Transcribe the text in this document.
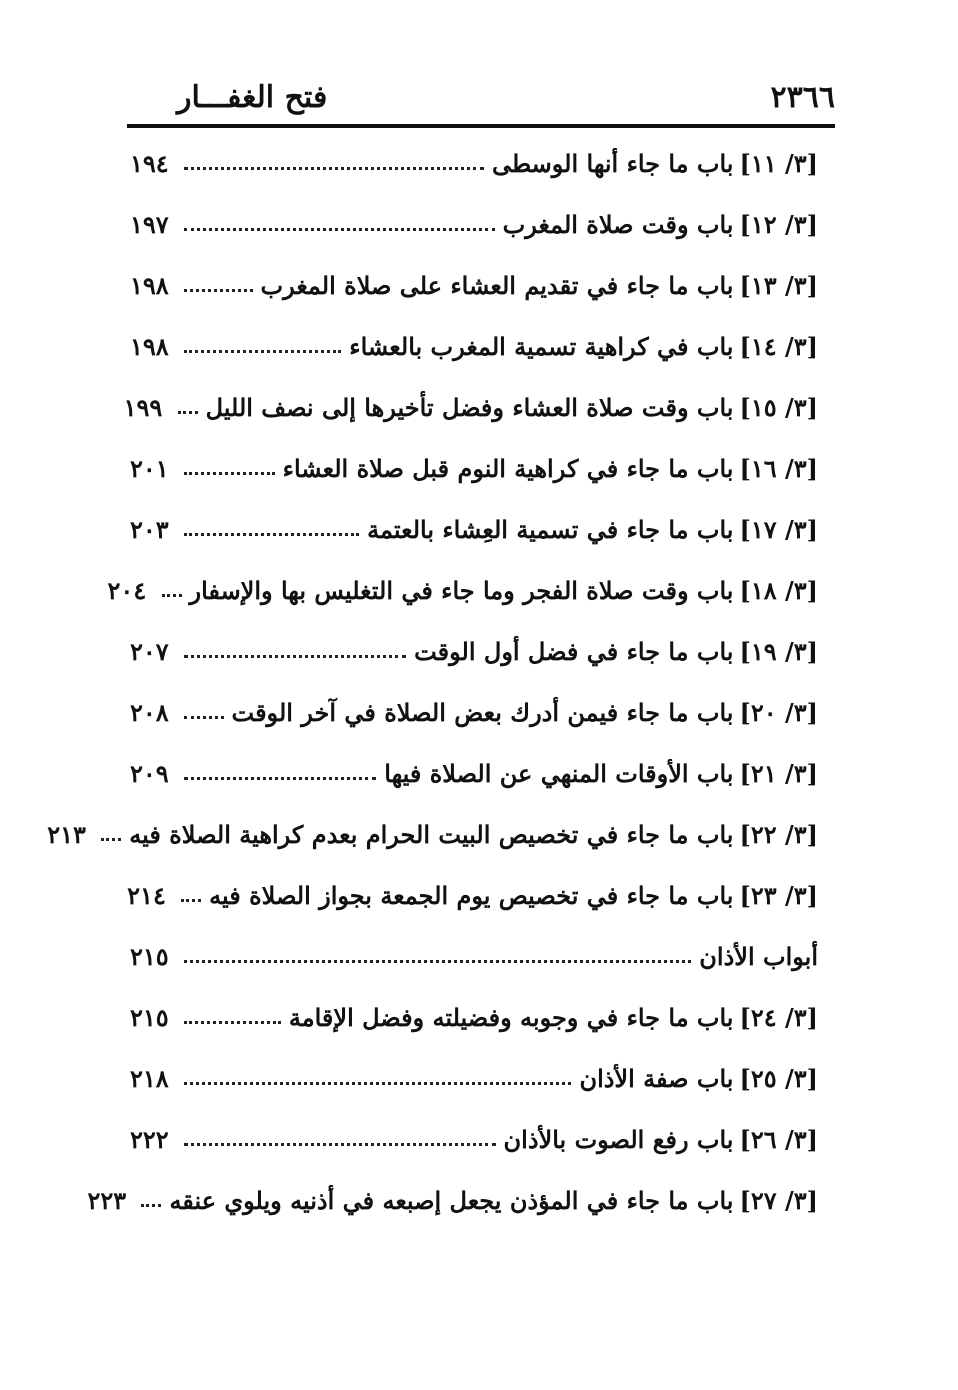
٢٣٦٦
فتح الغفـــار
[٣/ ١١]
باب ما جاء أنها الوسطى
١٩٤
[٣/ ١٢]
باب وقت صلاة المغرب
١٩٧
[٣/ ١٣]
باب ما جاء في تقديم العشاء على صلاة المغرب
١٩٨
[٣/ ١٤]
باب في كراهية تسمية المغرب بالعشاء
١٩٨
[٣/ ١٥]
باب وقت صلاة العشاء وفضل تأخيرها إلى نصف الليل
١٩٩
[٣/ ١٦]
باب ما جاء في كراهية النوم قبل صلاة العشاء
٢٠١
[٣/ ١٧]
باب ما جاء في تسمية العِشاء بالعتمة
٢٠٣
[٣/ ١٨]
باب وقت صلاة الفجر وما جاء في التغليس بها والإسفار
٢٠٤
[٣/ ١٩]
باب ما جاء في فضل أول الوقت
٢٠٧
[٣/ ٢٠]
باب ما جاء فيمن أدرك بعض الصلاة في آخر الوقت
٢٠٨
[٣/ ٢١]
باب الأوقات المنهي عن الصلاة فيها
٢٠٩
[٣/ ٢٢]
باب ما جاء في تخصيص البيت الحرام بعدم كراهية الصلاة فيه
٢١٣
[٣/ ٢٣]
باب ما جاء في تخصيص يوم الجمعة بجواز الصلاة فيه
٢١٤
أبواب الأذان
٢١٥
[٣/ ٢٤]
باب ما جاء في وجوبه وفضيلته وفضل الإقامة
٢١٥
[٣/ ٢٥]
باب صفة الأذان
٢١٨
[٣/ ٢٦]
باب رفع الصوت بالأذان
٢٢٢
[٣/ ٢٧]
باب ما جاء في المؤذن يجعل إصبعه في أذنيه ويلوي عنقه
٢٢٣
